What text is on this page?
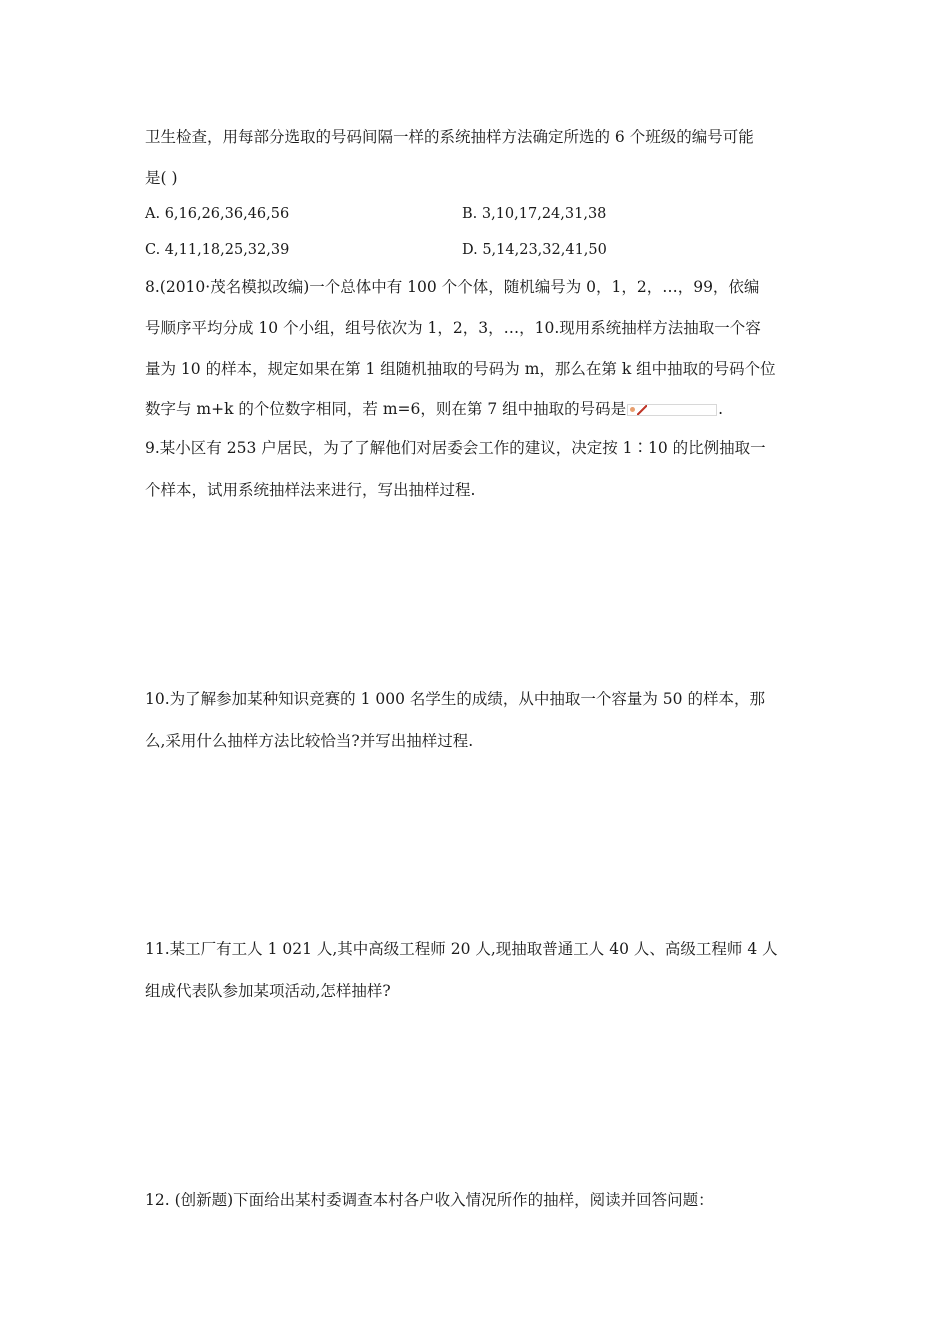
卫生检查，用每部分选取的号码间隔一样的系统抽样方法确定所选的 6 个班级的编号可能
是( )
A. 6,16,26,36,46,56	B. 3,10,17,24,31,38
C. 4,11,18,25,32,39	D. 5,14,23,32,41,50
8.(2010·茂名模拟改编)一个总体中有 100 个个体，随机编号为 0，1，2，…，99，依编
号顺序平均分成 10 个小组，组号依次为 1，2，3，…，10.现用系统抽样方法抽取一个容
量为 10 的样本，规定如果在第 1 组随机抽取的号码为 m，那么在第 k 组中抽取的号码个位
数字与 m+k 的个位数字相同，若 m=6，则在第 7 组中抽取的号码是	.
9.某小区有 253 户居民，为了了解他们对居委会工作的建议，决定按 1∶10 的比例抽取一
个样本，试用系统抽样法来进行，写出抽样过程.
10.为了解参加某种知识竞赛的 1 000 名学生的成绩，从中抽取一个容量为 50 的样本，那
么,采用什么抽样方法比较恰当?并写出抽样过程.
11.某工厂有工人 1 021 人,其中高级工程师 20 人,现抽取普通工人 40 人、高级工程师 4 人
组成代表队参加某项活动,怎样抽样?
12. (创新题)下面给出某村委调查本村各户收入情况所作的抽样，阅读并回答问题：
